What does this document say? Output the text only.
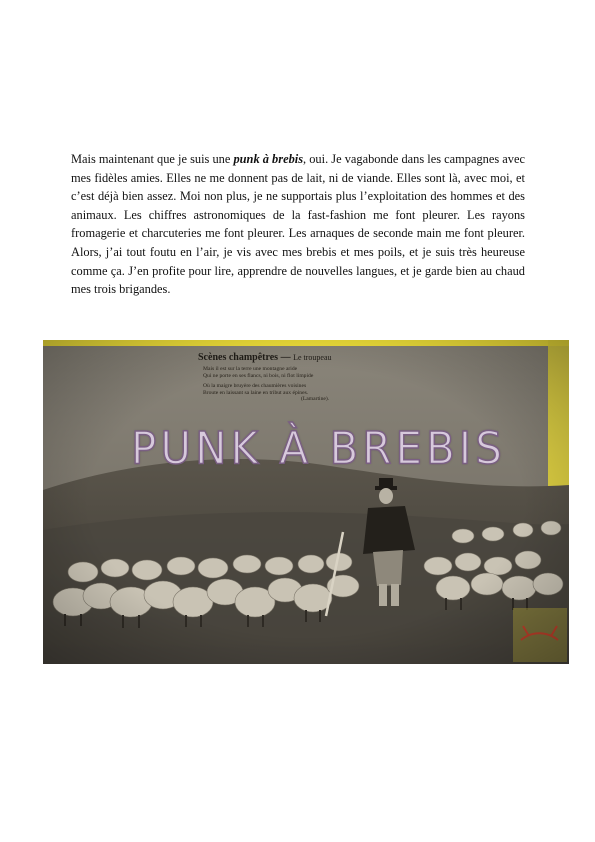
Mais maintenant que je suis une punk à brebis, oui. Je vagabonde dans les campagnes avec mes fidèles amies. Elles ne me donnent pas de lait, ni de viande. Elles sont là, avec moi, et c’est déjà bien assez. Moi non plus, je ne supportais plus l’exploitation des hommes et des animaux. Les chiffres astronomiques de la fast-fashion me font pleurer. Les rayons fromagerie et charcuteries me font pleurer. Les arnaques de seconde main me font pleurer. Alors, j’ai tout foutu en l’air, je vis avec mes brebis et mes poils, et je suis très heureuse comme ça. J’en profite pour lire, apprendre de nouvelles langues, et je garde bien au chaud mes trois brigandes.
Scènes champêtres — Le troupeau
Mais il est sur la terre une montagne aride
Qui ne porte en ses flancs, ni bois, ni flot limpide
Où la maigre bruyère des chaumières voisines
Broute en laissant sa laine en tribut aux épines.
(Lamartine).
PUNK À BREBIS
